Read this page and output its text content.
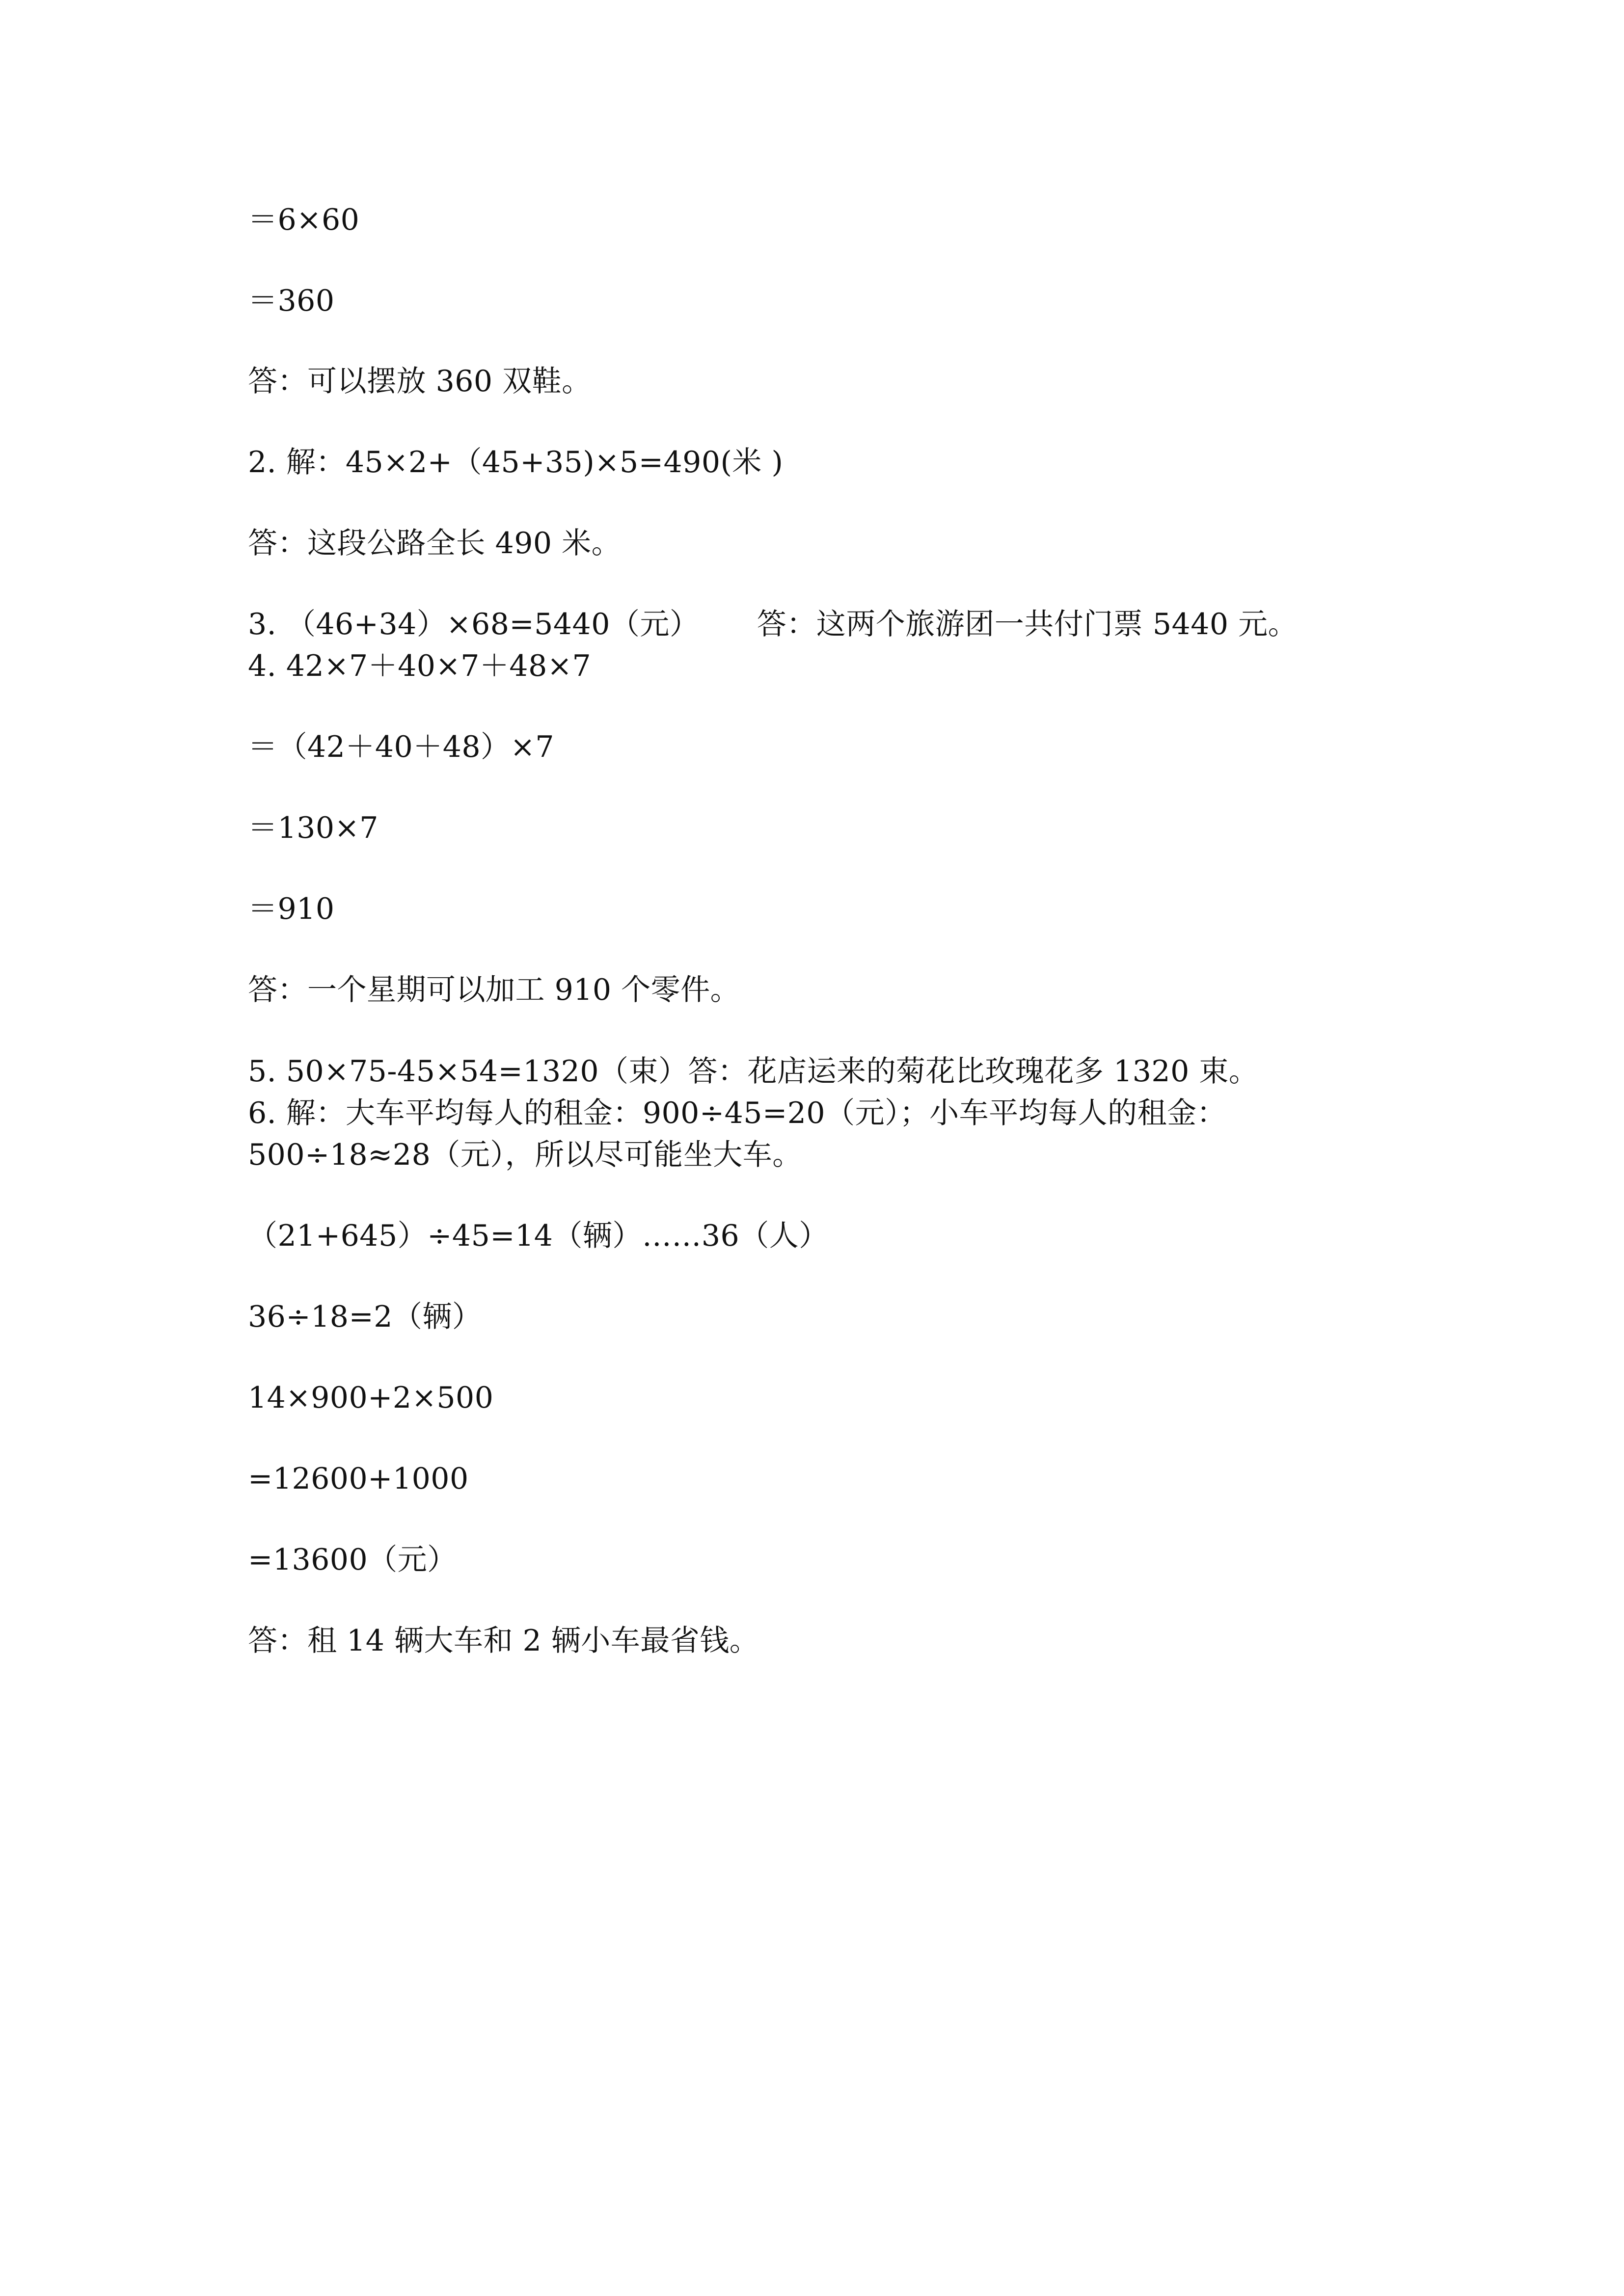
＝6×60
＝360
答：可以摆放 360 双鞋。
2. 解：45×2+（45+35)×5=490(米 )
答：这段公路全长 490 米。
3. （46+34）×68=5440（元）      答：这两个旅游团一共付门票 5440 元。
4. 42×7＋40×7＋48×7
＝（42＋40＋48）×7
＝130×7
＝910
答：一个星期可以加工 910 个零件。
5. 50×75-45×54=1320（束）答：花店运来的菊花比玫瑰花多 1320 束。
6. 解：大车平均每人的租金：900÷45=20（元）；小车平均每人的租金：
500÷18≈28（元），所以尽可能坐大车。
（21+645）÷45=14（辆）……36（人）
36÷18=2（辆）
14×900+2×500
=12600+1000
=13600（元）
答：租 14 辆大车和 2 辆小车最省钱。
